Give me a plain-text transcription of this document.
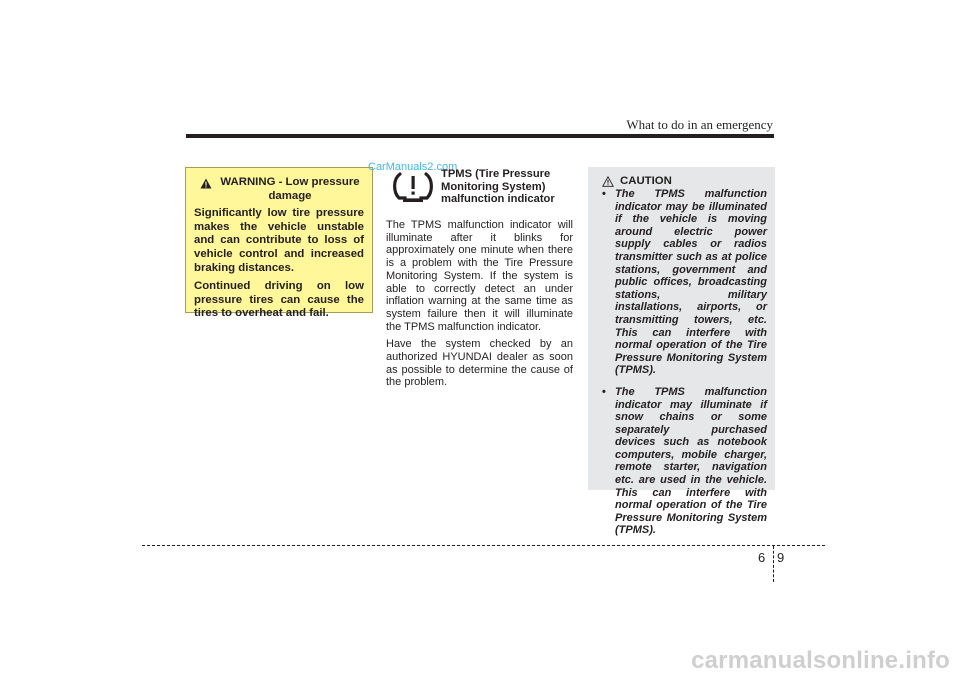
What to do in an emergency
WARNING - Low pressure
damage

Significantly low tire pressure makes the vehicle unstable and can contribute to loss of vehicle control and increased braking distances.

Continued driving on low pressure tires can cause the tires to overheat and fail.

CarManuals2.com
TPMS (Tire Pressure
Monitoring System)
malfunction indicator

The TPMS malfunction indicator will illuminate after it blinks for approximately one minute when there is a problem with the Tire Pressure Monitoring System. If the system is able to correctly detect an under inflation warning at the same time as system failure then it will illuminate the TPMS malfunction indicator.

Have the system checked by an authorized HYUNDAI dealer as soon as possible to determine the cause of the problem.

CAUTION
• The TPMS malfunction indicator may be illuminated if the vehicle is moving around electric power supply cables or radios transmitter such as at police stations, government and public offices, broadcasting stations, military installations, airports, or transmitting towers, etc. This can interfere with normal operation of the Tire Pressure Monitoring System (TPMS).
• The TPMS malfunction indicator may illuminate if snow chains or some separately purchased devices such as notebook computers, mobile charger, remote starter, navigation etc. are used in the vehicle. This can interfere with normal operation of the Tire Pressure Monitoring System (TPMS).
6 9
carmanualsonline.info
